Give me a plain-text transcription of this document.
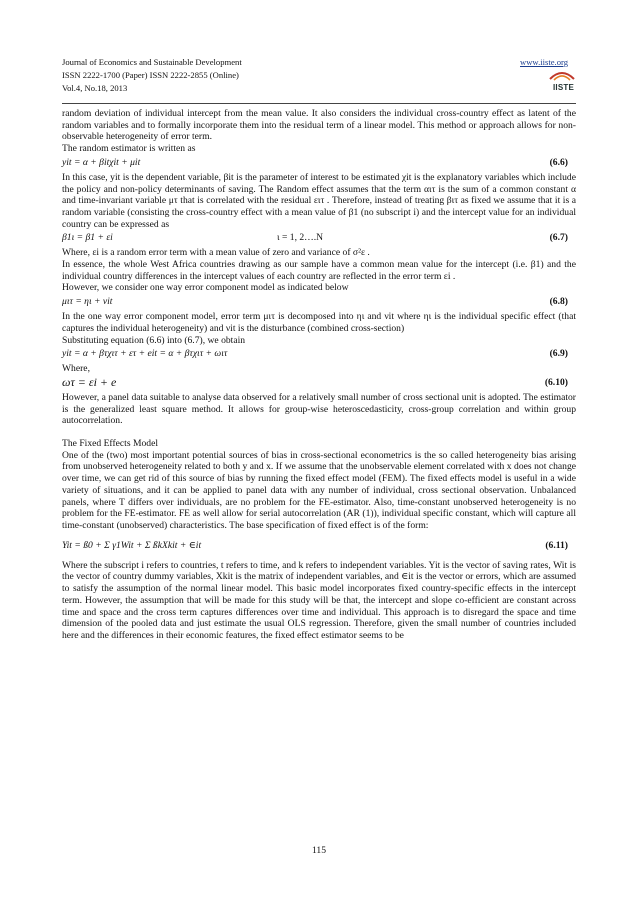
Journal of Economics and Sustainable Development
ISSN 2222-1700 (Paper) ISSN 2222-2855 (Online)
Vol.4, No.18, 2013
www.iiste.org
IISTE

random deviation of individual intercept from the mean value. It also considers the individual cross-country effect as latent of the random variables and to formally incorporate them into the residual term of a linear model. This method or approach allows for non-observable heterogeneity of error term.

The random estimator is written as

yit = α + βitχit + μit	(6.6)

In this case, yit is the dependent variable, βit is the parameter of interest to be estimated χit is the explanatory variables which include the policy and non-policy determinants of saving. The Random effect assumes that the term αιτ is the sum of a common constant α and time-invariant variable μτ that is correlated with the residual ειτ . Therefore, instead of treating βιτ as fixed we assume that it is a random variable (consisting the cross-country effect with a mean value of β1 (no subscript i) and the intercept value for an individual country can be expressed as

β1ι = β1 + εi	ι = 1, 2….N	(6.7)

Where, εi is a random error term with a mean value of zero and variance of σ²ε .

In essence, the whole West Africa countries drawing as our sample have a common mean value for the intercept (i.e. β1) and the individual country differences in the intercept values of each country are reflected in the error term εi .

However, we consider one way error component model as indicated below

μιτ = ηι + νit	(6.8)

In the one way error component model, error term μιτ is decomposed into ηι and νit where ηι is the individual specific effect (that captures the individual heterogeneity) and νit is the disturbance (combined cross-section)

Substituting equation (6.6) into (6.7), we obtain

yit = α + βτχιτ + ετ + eit = α + βτχιτ + ωιτ	(6.9)

Where,

ωτ = εi + e	(6.10)

However, a panel data suitable to analyse data observed for a relatively small number of cross sectional unit is adopted. The estimator is the generalized least square method. It allows for group-wise heteroscedasticity, cross-group correlation and within group autocorrelation.

The Fixed Effects Model

One of the (two) most important potential sources of bias in cross-sectional econometrics is the so called heterogeneity bias arising from unobserved heterogeneity related to both y and x. If we assume that the unobservable element correlated with x does not change over time, we can get rid of this source of bias by running the fixed effect model (FEM). The fixed effects model is useful in a wide variety of situations, and it can be applied to panel data with any number of individual, cross sectional observation. Unbalanced panels, where T differs over individuals, are no problem for the FE-estimator. Also, time-constant unobserved heterogeneity is no problem for the FE-estimator. FE as well allow for serial autocorrelation (AR (1)), individual specific constant, which will capture all time-constant (unobserved) characteristics. The base specification of fixed effect is of the form:

Yit = ß0 + Σ γ1Wit + Σ ßkXkit + ∈it	(6.11)

Where the subscript i refers to countries, t refers to time, and k refers to independent variables. Yit is the vector of saving rates, Wit is the vector of country dummy variables, Xkit is the matrix of independent variables, and ∈it is the vector or errors, which are assumed to satisfy the assumption of the normal linear model. This basic model incorporates fixed country-specific effects in the intercept term. However, the assumption that will be made for this study will be that, the intercept and slope co-efficient are constant across time and space and the cross term captures differences over time and individual. This approach is to disregard the space and time dimension of the pooled data and just estimate the usual OLS regression. Therefore, given the small number of countries included here and the differences in their economic features, the fixed effect estimator seems to be

115
